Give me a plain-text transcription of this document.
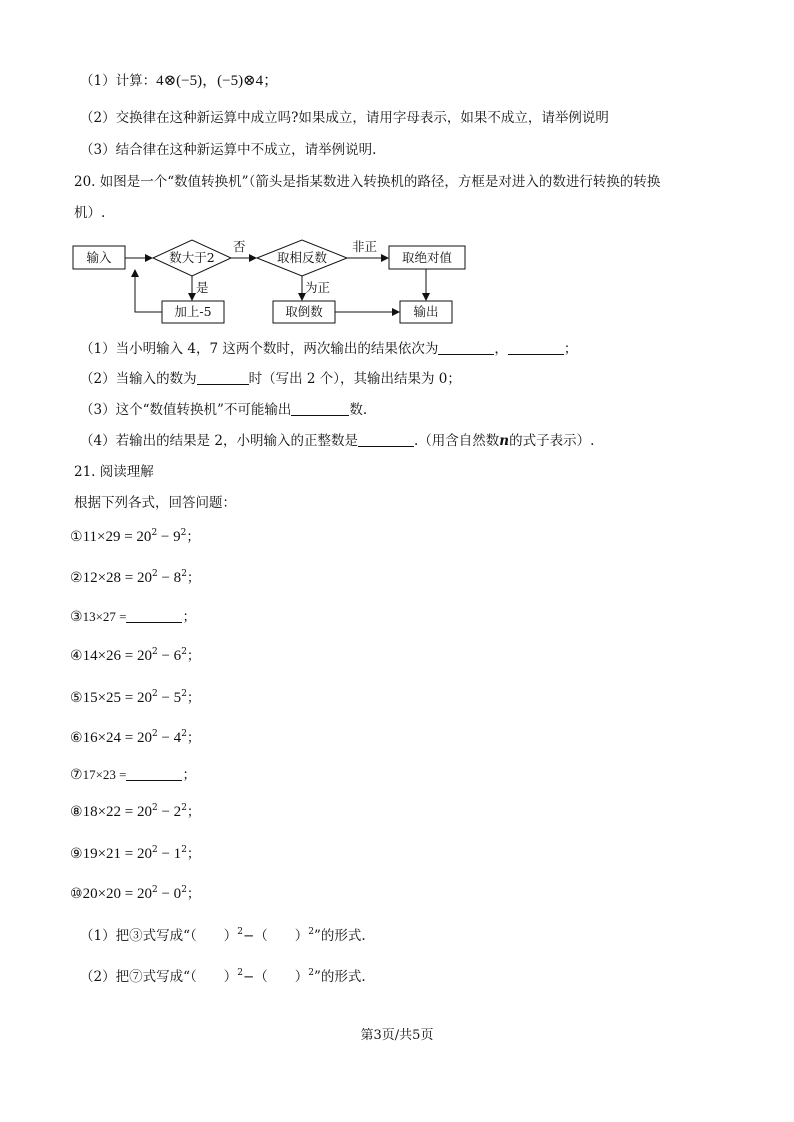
（1）计算：4⊗(−5)，(−5)⊗4；
（2）交换律在这种新运算中成立吗?如果成立，请用字母表示，如果不成立，请举例说明
（3）结合律在这种新运算中不成立，请举例说明.
20. 如图是一个“数值转换机”（箭头是指某数进入转换机的路径，方框是对进入的数进行转换的转换
机）.
输入	数大于2	取相反数	取绝对值
加上-5	取倒数	输出
否
是
非正
为正
（1）当小明输入 4，7 这两个数时，两次输出的结果依次为	，	；
（2）当输入的数为	时（写出 2 个），其输出结果为 0；
（3）这个“数值转换机”不可能输出	数.
（4）若输出的结果是 2，小明输入的正整数是	.（用含自然数n的式子表示）.
21. 阅读理解
根据下列各式，回答问题：
①11×29 = $20^2 - 9^2$；
②12×28 = $20^2 - 8^2$；
③13×27 =	；
④14×26 = $20^2 - 6^2$；
⑤15×25 = $20^2 - 5^2$；
⑥16×24 = $20^2 - 4^2$；
⑦17×23 =	；
⑧18×22 = $20^2 - 2^2$；
⑨19×21 = $20^2 - 1^2$；
⑩20×20 = $20^2 - 0^2$；
（1）把③式写成“（　　）$^2$−（　　）$^2$”的形式.
（2）把⑦式写成“（　　）$^2$−（　　）$^2$”的形式.
第3页/共5页
